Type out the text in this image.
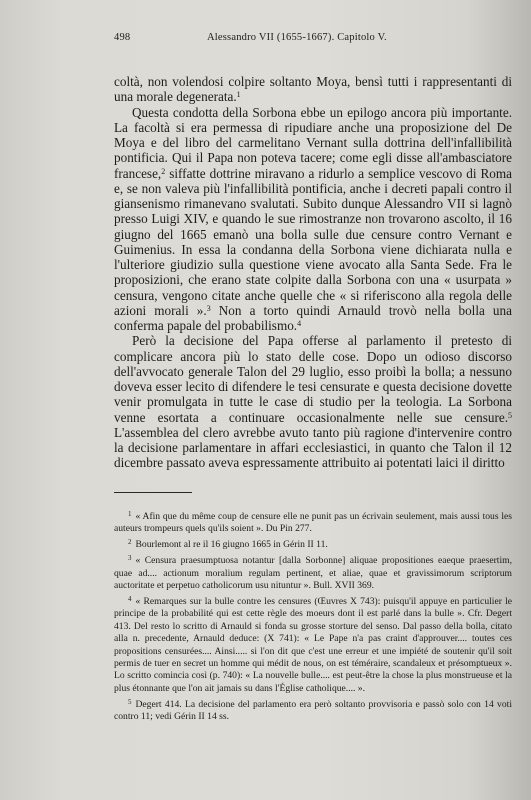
498	Alessandro VII (1655-1667). Capitolo V.

coltà, non volendosi colpire soltanto Moya, bensì tutti i rappresentanti di una morale degenerata.$^1$

Questa condotta della Sorbona ebbe un epilogo ancora più importante. La facoltà si era permessa di ripudiare anche una proposizione del De Moya e del libro del carmelitano Vernant sulla dottrina dell'infallibilità pontificia. Qui il Papa non poteva tacere; come egli disse all'ambasciatore francese,$^2$ siffatte dottrine miravano a ridurlo a semplice vescovo di Roma e, se non valeva più l'infallibilità pontificia, anche i decreti papali contro il giansenismo rimanevano svalutati. Subito dunque Alessandro VII si lagnò presso Luigi XIV, e quando le sue rimostranze non trovarono ascolto, il 16 giugno del 1665 emanò una bolla sulle due censure contro Vernant e Guimenius. In essa la condanna della Sorbona viene dichiarata nulla e l'ulteriore giudizio sulla questione viene avocato alla Santa Sede. Fra le proposizioni, che erano state colpite dalla Sorbona con una « usurpata » censura, vengono citate anche quelle che « si riferiscono alla regola delle azioni morali ».$^3$ Non a torto quindi Arnauld trovò nella bolla una conferma papale del probabilismo.$^4$

Però la decisione del Papa offerse al parlamento il pretesto di complicare ancora più lo stato delle cose. Dopo un odioso discorso dell'avvocato generale Talon del 29 luglio, esso proibì la bolla; a nessuno doveva esser lecito di difendere le tesi censurate e questa decisione dovette venir promulgata in tutte le case di studio per la teologia. La Sorbona venne esortata a continuare occasionalmente nelle sue censure.$^5$ L'assemblea del clero avrebbe avuto tanto più ragione d'intervenire contro la decisione parlamentare in affari ecclesiastici, in quanto che Talon il 12 dicembre passato aveva espressamente attribuito ai potentati laici il diritto

$^1$ « Afin que du même coup de censure elle ne punit pas un écrivain seulement, mais aussi tous les auteurs trompeurs quels qu'ils soient ». Du Pin 277.

$^2$ Bourlemont al re il 16 giugno 1665 in Gérin II 11.

$^3$ « Censura praesumptuosa notantur [dalla Sorbonne] aliquae propositiones eaeque praesertim, quae ad.... actionum moralium regulam pertinent, et aliae, quae et gravissimorum scriptorum auctoritate et perpetuo catholicorum usu nituntur ». Bull. XVII 369.

$^4$ « Remarques sur la bulle contre les censures (Œuvres X 743): puisqu'il appuye en particulier le principe de la probabilité qui est cette règle des moeurs dont il est parlé dans la bulle ». Cfr. Degert 413. Del resto lo scritto di Arnauld si fonda su grosse storture del senso. Dal passo della bolla, citato alla n. precedente, Arnauld deduce: (X 741): « Le Pape n'a pas craint d'approuver.... toutes ces propositions censurées.... Ainsi..... si l'on dit que c'est une erreur et une impiété de soutenir qu'il soit permis de tuer en secret un homme qui médit de nous, on est téméraire, scandaleux et présomptueux ». Lo scritto comincia così (p. 740): « La nouvelle bulle.... est peut-être la chose la plus monstrueuse et la plus étonnante que l'on ait jamais su dans l'Église catholique.... ».

$^5$ Degert 414. La decisione del parlamento era però soltanto provvisoria e passò solo con 14 voti contro 11; vedi Gérin II 14 ss.
